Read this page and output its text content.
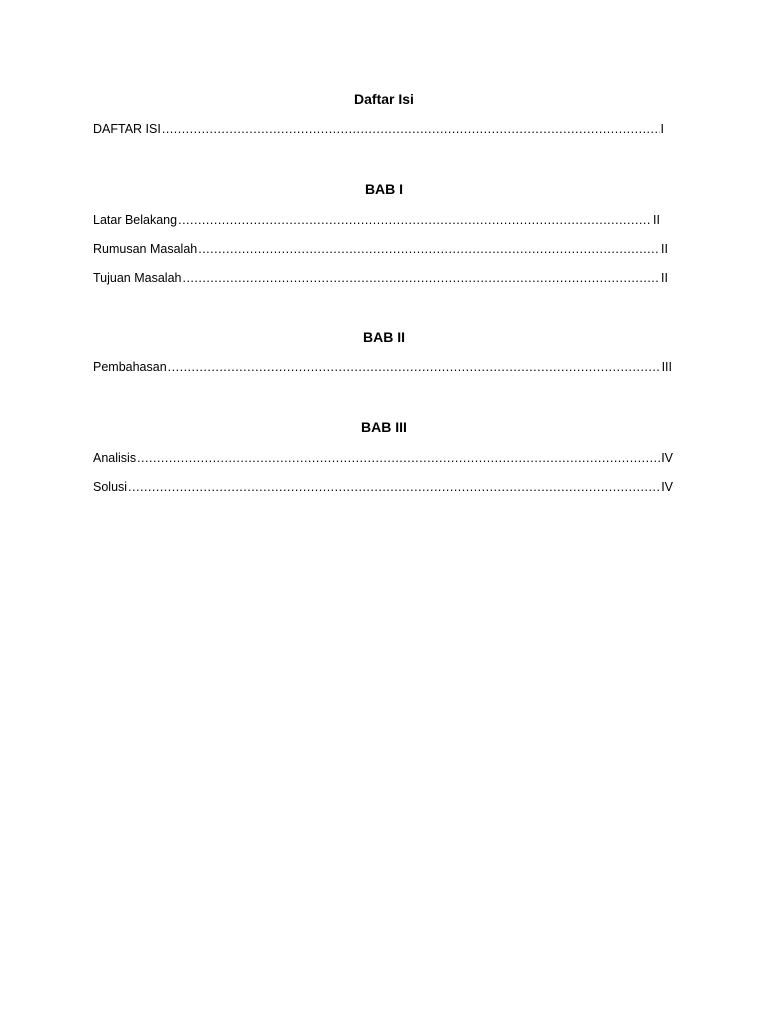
Daftar Isi
DAFTAR ISI .....	I
BAB I
Latar Belakang .....	II
Rumusan Masalah .....	II
Tujuan Masalah .....	II
BAB II
Pembahasan .....	III
BAB III
Analisis .....	IV
Solusi .....	IV
